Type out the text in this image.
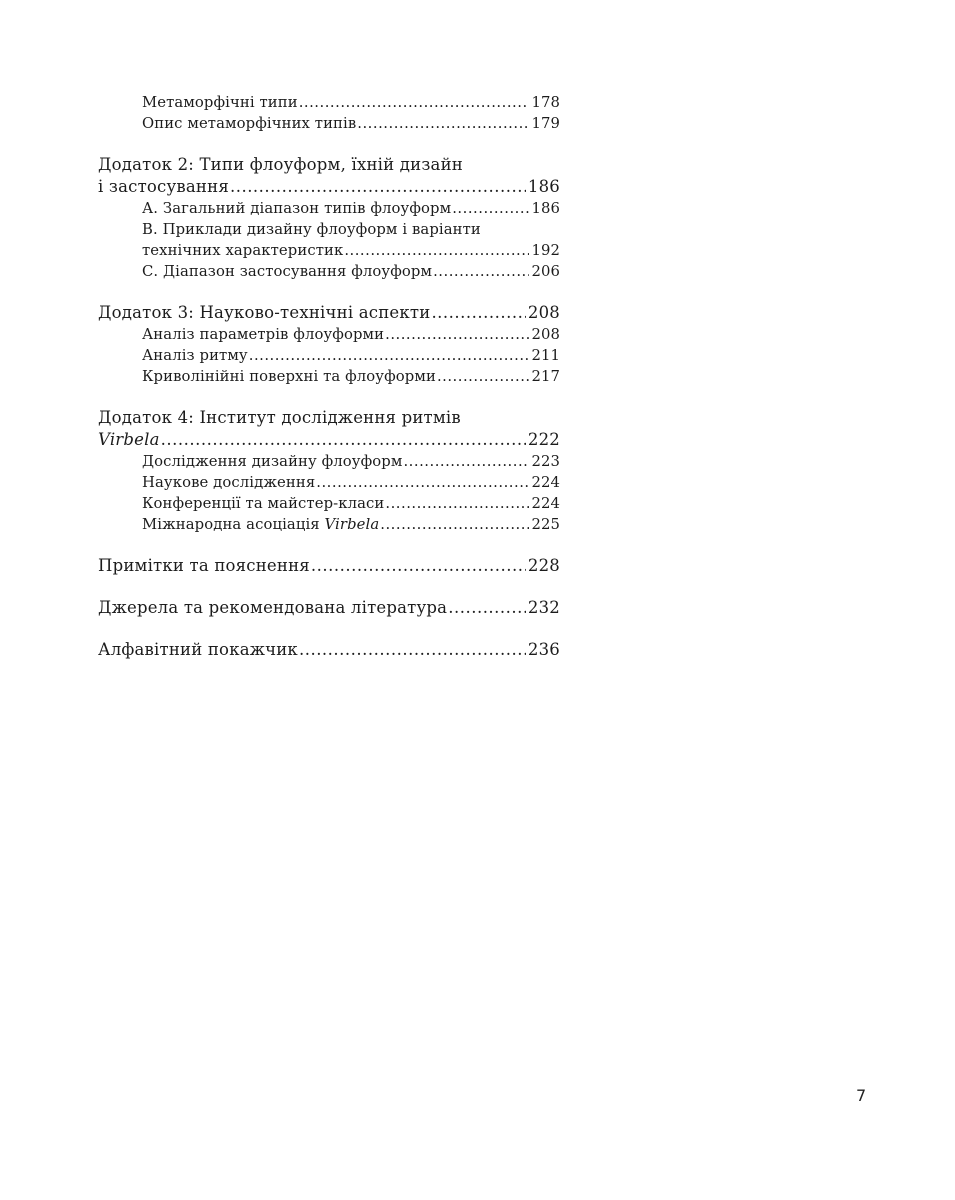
Метаморфічні типи .....	178
Опис метаморфічних типів .....	179
Додаток 2: Типи флоуформ, їхній дизайн
і застосування .....	186
А. Загальний діапазон типів флоуформ .....	186
В. Приклади дизайну флоуформ і варіанти
технічних характеристик .....	192
С. Діапазон застосування флоуформ .....	206
Додаток 3: Науково-технічні аспекти .....	208
Аналіз параметрів флоуформи .....	208
Аналіз ритму .....	211
Криволінійні поверхні та флоуформи .....	217
Додаток 4: Інститут дослідження ритмів
Virbela .....	222
Дослідження дизайну флоуформ .....	223
Наукове дослідження .....	224
Конференції та майстер-класи .....	224
Міжнародна асоціація Virbela .....	225
Примітки та пояснення .....	228
Джерела та рекомендована література .....	232
Алфавітний покажчик .....	236
7
